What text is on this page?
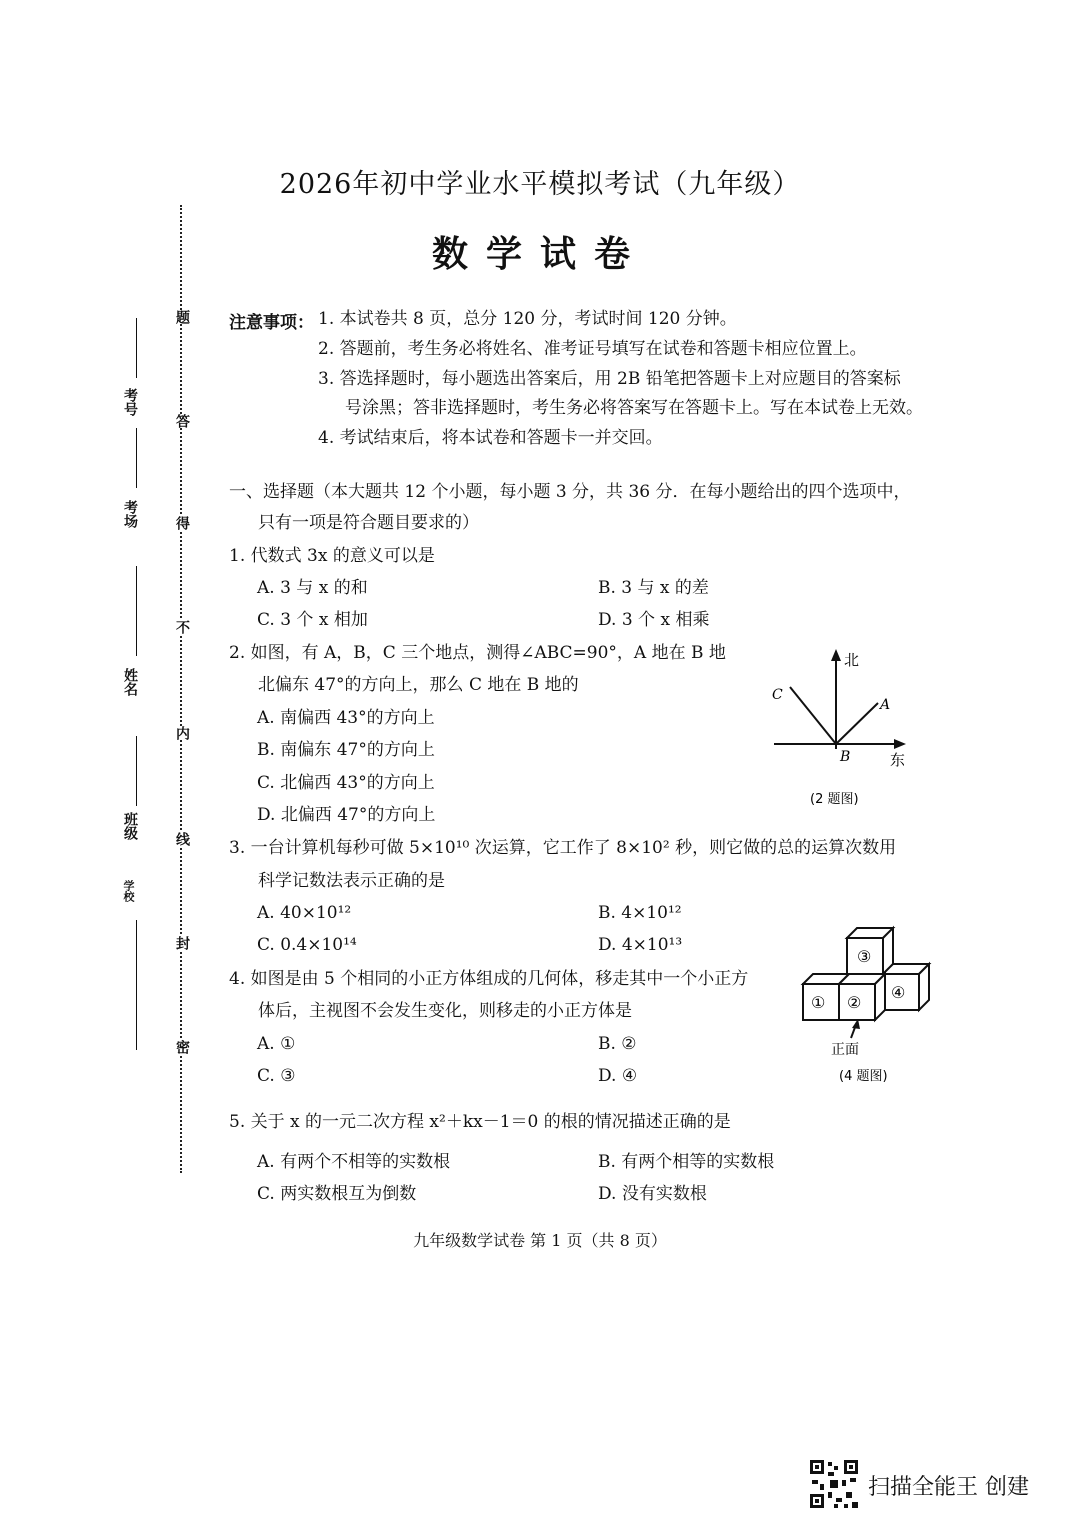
2026年初中学业水平模拟考试（九年级）
数学试卷
题
答
得
不
内
线
封
密
考号
考场
姓名
班级
学校
注意事项： 1. 本试卷共 8 页，总分 120 分，考试时间 120 分钟。
2. 答题前，考生务必将姓名、准考证号填写在试卷和答题卡相应位置上。
3. 答选择题时，每小题选出答案后，用 2B 铅笔把答题卡上对应题目的答案标
号涂黑；答非选择题时，考生务必将答案写在答题卡上。写在本试卷上无效。
4. 考试结束后，将本试卷和答题卡一并交回。
一、选择题（本大题共 12 个小题，每小题 3 分，共 36 分．在每小题给出的四个选项中，
只有一项是符合题目要求的）
1. 代数式 3x 的意义可以是
A. 3 与 x 的和	B. 3 与 x 的差
C. 3 个 x 相加	D. 3 个 x 相乘
2. 如图，有 A，B，C 三个地点，测得∠ABC=90°，A 地在 B 地
北偏东 47°的方向上，那么 C 地在 B 地的
A. 南偏西 43°的方向上
B. 南偏东 47°的方向上
C. 北偏西 43°的方向上
D. 北偏西 47°的方向上
北
东
A
B
C
(2 题图)
3. 一台计算机每秒可做 5×10¹⁰ 次运算，它工作了 8×10² 秒，则它做的总的运算次数用
科学记数法表示正确的是
A. 40×10¹²	B. 4×10¹²
C. 0.4×10¹⁴	D. 4×10¹³
4. 如图是由 5 个相同的小正方体组成的几何体，移走其中一个小正方
体后，主视图不会发生变化，则移走的小正方体是
A. ①	B. ②
C. ③	D. ④
③
④
① ②
正面
(4 题图)
5. 关于 x 的一元二次方程 x²＋kx－1＝0 的根的情况描述正确的是
A. 有两个不相等的实数根	B. 有两个相等的实数根
C. 两实数根互为倒数	D. 没有实数根
九年级数学试卷 第 1 页（共 8 页）
扫描全能王 创建
